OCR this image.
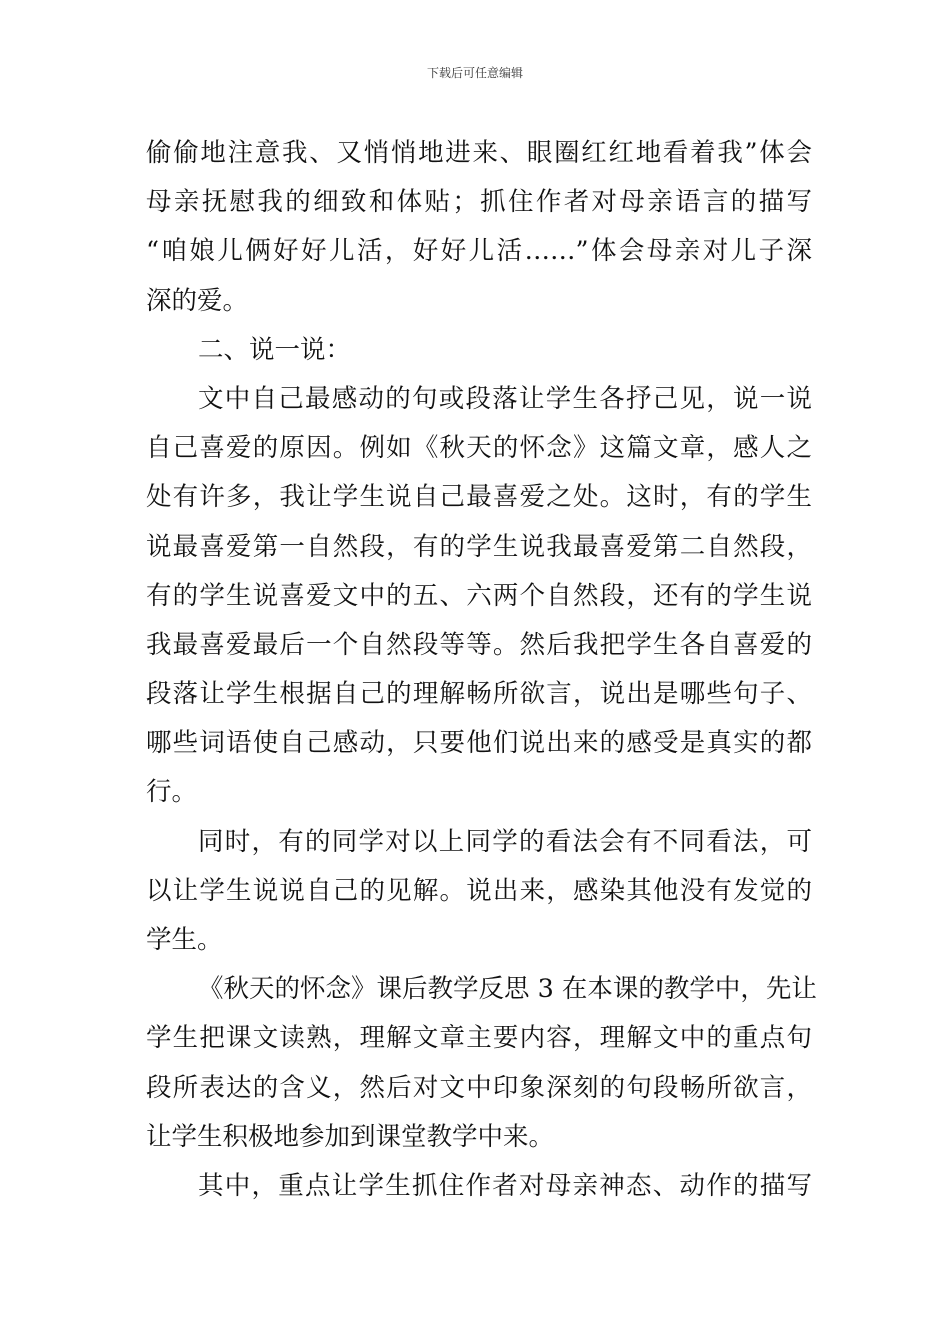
下载后可任意编辑
偷偷地注意我、又悄悄地进来、眼圈红红地看着我”体会
母亲抚慰我的细致和体贴；抓住作者对母亲语言的描写
“咱娘儿俩好好儿活，好好儿活……”体会母亲对儿子深
深的爱。
二、说一说：
文中自己最感动的句或段落让学生各抒己见，说一说
自己喜爱的原因。例如《秋天的怀念》这篇文章，感人之
处有许多，我让学生说自己最喜爱之处。这时，有的学生
说最喜爱第一自然段，有的学生说我最喜爱第二自然段，
有的学生说喜爱文中的五、六两个自然段，还有的学生说
我最喜爱最后一个自然段等等。然后我把学生各自喜爱的
段落让学生根据自己的理解畅所欲言，说出是哪些句子、
哪些词语使自己感动，只要他们说出来的感受是真实的都
行。
同时，有的同学对以上同学的看法会有不同看法，可
以让学生说说自己的见解。说出来，感染其他没有发觉的
学生。
《秋天的怀念》课后教学反思 3 在本课的教学中，先让
学生把课文读熟，理解文章主要内容，理解文中的重点句
段所表达的含义，然后对文中印象深刻的句段畅所欲言，
让学生积极地参加到课堂教学中来。
其中，重点让学生抓住作者对母亲神态、动作的描写
